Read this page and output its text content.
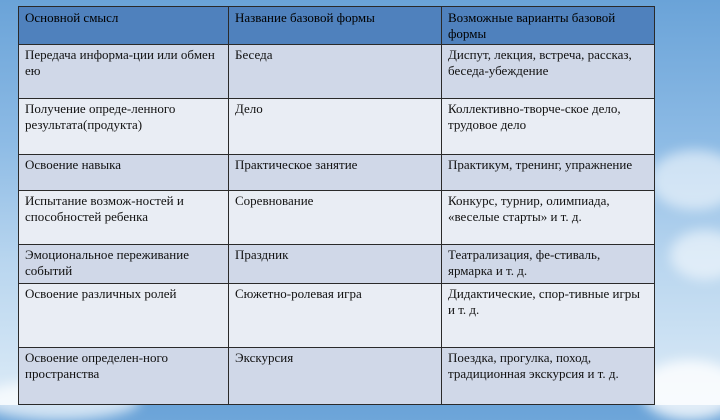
Основной смысл	Название базовой формы	Возможные варианты базовой формы
Передача информа-ции или обмен ею	Беседа	Диспут, лекция, встреча, рассказ, беседа-убеждение
Получение опреде-ленного результата(продукта)	Дело	Коллективно-творче-ское дело, трудовое дело
Освоение навыка	Практическое занятие	Практикум, тренинг, упражнение
Испытание возмож-ностей и способностей ребенка	Соревнование	Конкурс, турнир, олимпиада, «веселые старты» и т. д.
Эмоциональное переживание событий	Праздник	Театрализация, фе-стиваль, ярмарка и т. д.
Освоение различных ролей	Сюжетно-ролевая игра	Дидактические, спор-тивные игры и т. д.
Освоение определен-ного пространства	Экскурсия	Поездка, прогулка, поход, традиционная экскурсия и т. д.
